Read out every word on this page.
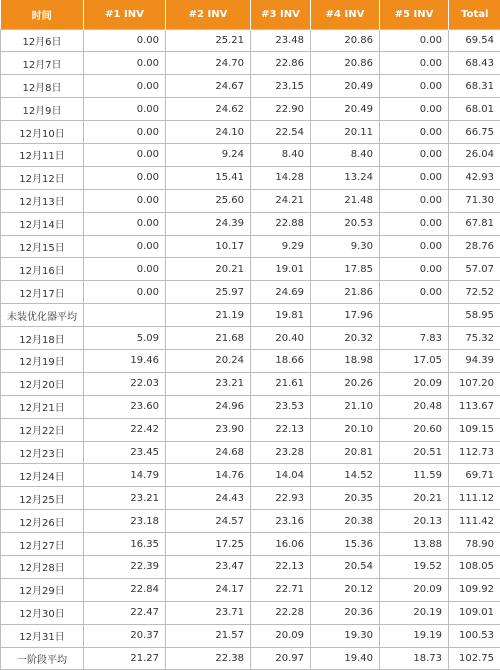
时间	#1 INV	#2 INV	#3 INV	#4 INV	#5 INV	Total
12月6日	0.00	25.21	23.48	20.86	0.00	69.54
12月7日	0.00	24.70	22.86	20.86	0.00	68.43
12月8日	0.00	24.67	23.15	20.49	0.00	68.31
12月9日	0.00	24.62	22.90	20.49	0.00	68.01
12月10日	0.00	24.10	22.54	20.11	0.00	66.75
12月11日	0.00	9.24	8.40	8.40	0.00	26.04
12月12日	0.00	15.41	14.28	13.24	0.00	42.93
12月13日	0.00	25.60	24.21	21.48	0.00	71.30
12月14日	0.00	24.39	22.88	20.53	0.00	67.81
12月15日	0.00	10.17	9.29	9.30	0.00	28.76
12月16日	0.00	20.21	19.01	17.85	0.00	57.07
12月17日	0.00	25.97	24.69	21.86	0.00	72.52
未装优化器平均		21.19	19.81	17.96		58.95
12月18日	5.09	21.68	20.40	20.32	7.83	75.32
12月19日	19.46	20.24	18.66	18.98	17.05	94.39
12月20日	22.03	23.21	21.61	20.26	20.09	107.20
12月21日	23.60	24.96	23.53	21.10	20.48	113.67
12月22日	22.42	23.90	22.13	20.10	20.60	109.15
12月23日	23.45	24.68	23.28	20.81	20.51	112.73
12月24日	14.79	14.76	14.04	14.52	11.59	69.71
12月25日	23.21	24.43	22.93	20.35	20.21	111.12
12月26日	23.18	24.57	23.16	20.38	20.13	111.42
12月27日	16.35	17.25	16.06	15.36	13.88	78.90
12月28日	22.39	23.47	22.13	20.54	19.52	108.05
12月29日	22.84	24.17	22.71	20.12	20.09	109.92
12月30日	22.47	23.71	22.28	20.36	20.19	109.01
12月31日	20.37	21.57	20.09	19.30	19.19	100.53
一阶段平均	21.27	22.38	20.97	19.40	18.73	102.75
